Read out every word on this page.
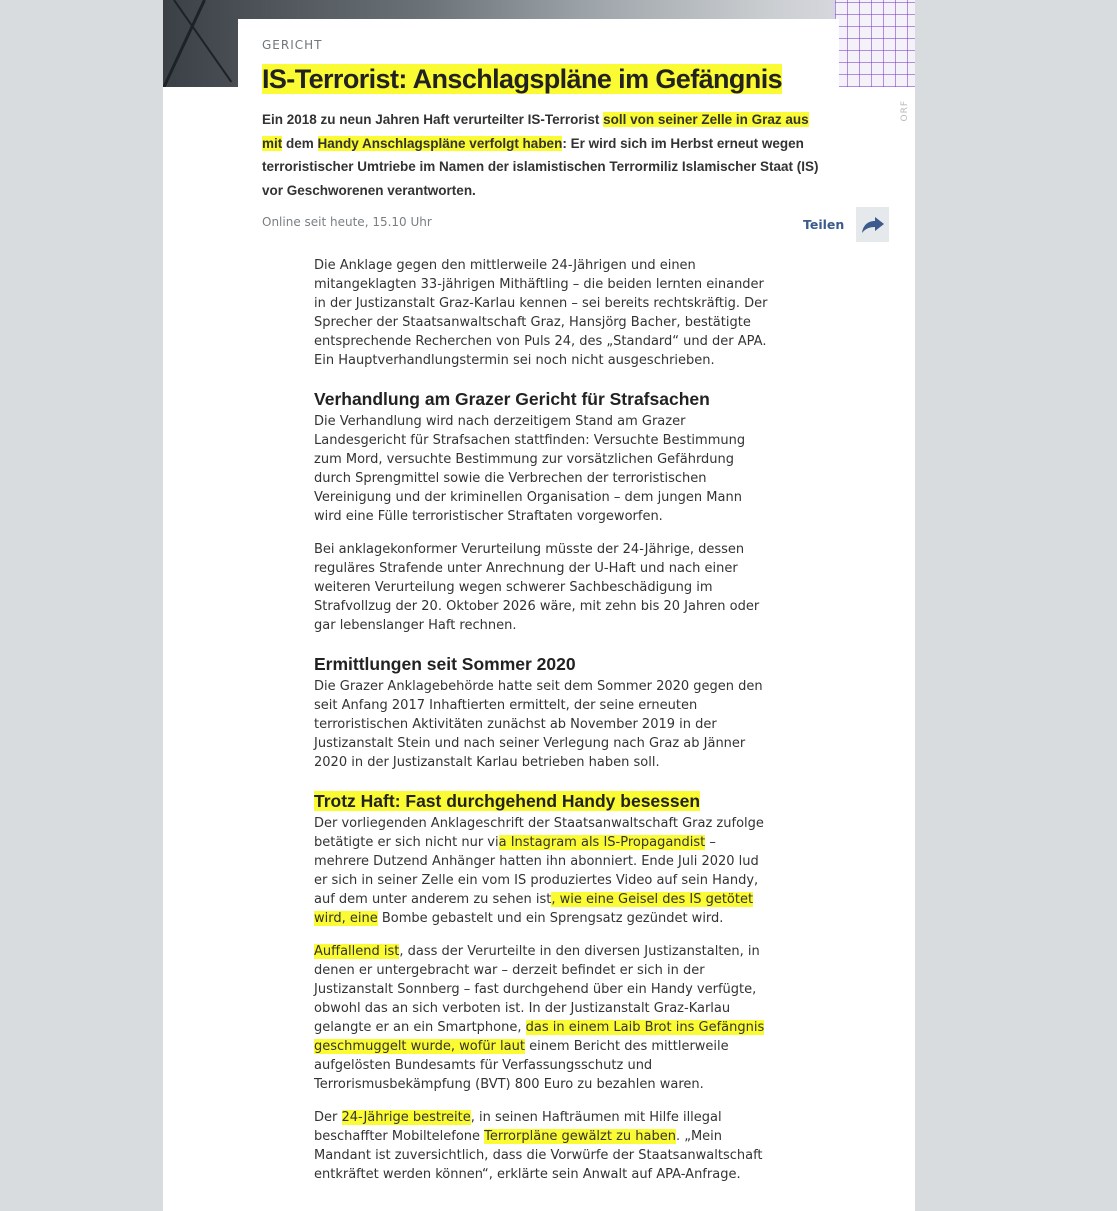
ORF
GERICHT
IS-Terrorist: Anschlagspläne im Gefängnis

Ein 2018 zu neun Jahren Haft verurteilter IS-Terrorist soll von seiner Zelle in Graz aus mit dem Handy Anschlagspläne verfolgt haben: Er wird sich im Herbst erneut wegen terroristischer Umtriebe im Namen der islamistischen Terrormiliz Islamischer Staat (IS) vor Geschworenen verantworten.

Online seit heute, 15.10 Uhr	Teilen

Die Anklage gegen den mittlerweile 24-Jährigen und einen mitangeklagten 33-jährigen Mithäftling – die beiden lernten einander in der Justizanstalt Graz-Karlau kennen – sei bereits rechtskräftig. Der Sprecher der Staatsanwaltschaft Graz, Hansjörg Bacher, bestätigte entsprechende Recherchen von Puls 24, des „Standard“ und der APA. Ein Hauptverhandlungstermin sei noch nicht ausgeschrieben.

Verhandlung am Grazer Gericht für Strafsachen

Die Verhandlung wird nach derzeitigem Stand am Grazer Landesgericht für Strafsachen stattfinden: Versuchte Bestimmung zum Mord, versuchte Bestimmung zur vorsätzlichen Gefährdung durch Sprengmittel sowie die Verbrechen der terroristischen Vereinigung und der kriminellen Organisation – dem jungen Mann wird eine Fülle terroristischer Straftaten vorgeworfen.

Bei anklagekonformer Verurteilung müsste der 24-Jährige, dessen reguläres Strafende unter Anrechnung der U-Haft und nach einer weiteren Verurteilung wegen schwerer Sachbeschädigung im Strafvollzug der 20. Oktober 2026 wäre, mit zehn bis 20 Jahren oder gar lebenslanger Haft rechnen.

Ermittlungen seit Sommer 2020

Die Grazer Anklagebehörde hatte seit dem Sommer 2020 gegen den seit Anfang 2017 Inhaftierten ermittelt, der seine erneuten terroristischen Aktivitäten zunächst ab November 2019 in der Justizanstalt Stein und nach seiner Verlegung nach Graz ab Jänner 2020 in der Justizanstalt Karlau betrieben haben soll.

Trotz Haft: Fast durchgehend Handy besessen

Der vorliegenden Anklageschrift der Staatsanwaltschaft Graz zufolge betätigte er sich nicht nur via Instagram als IS-Propagandist – mehrere Dutzend Anhänger hatten ihn abonniert. Ende Juli 2020 lud er sich in seiner Zelle ein vom IS produziertes Video auf sein Handy, auf dem unter anderem zu sehen ist, wie eine Geisel des IS getötet wird, eine Bombe gebastelt und ein Sprengsatz gezündet wird.

Auffallend ist, dass der Verurteilte in den diversen Justizanstalten, in denen er untergebracht war – derzeit befindet er sich in der Justizanstalt Sonnberg – fast durchgehend über ein Handy verfügte, obwohl das an sich verboten ist. In der Justizanstalt Graz-Karlau gelangte er an ein Smartphone, das in einem Laib Brot ins Gefängnis geschmuggelt wurde, wofür laut einem Bericht des mittlerweile aufgelösten Bundesamts für Verfassungsschutz und Terrorismusbekämpfung (BVT) 800 Euro zu bezahlen waren.

Der 24-Jährige bestreite, in seinen Hafträumen mit Hilfe illegal beschaffter Mobiltelefone Terrorpläne gewälzt zu haben. „Mein Mandant ist zuversichtlich, dass die Vorwürfe der Staatsanwaltschaft entkräftet werden können“, erklärte sein Anwalt auf APA-Anfrage.
